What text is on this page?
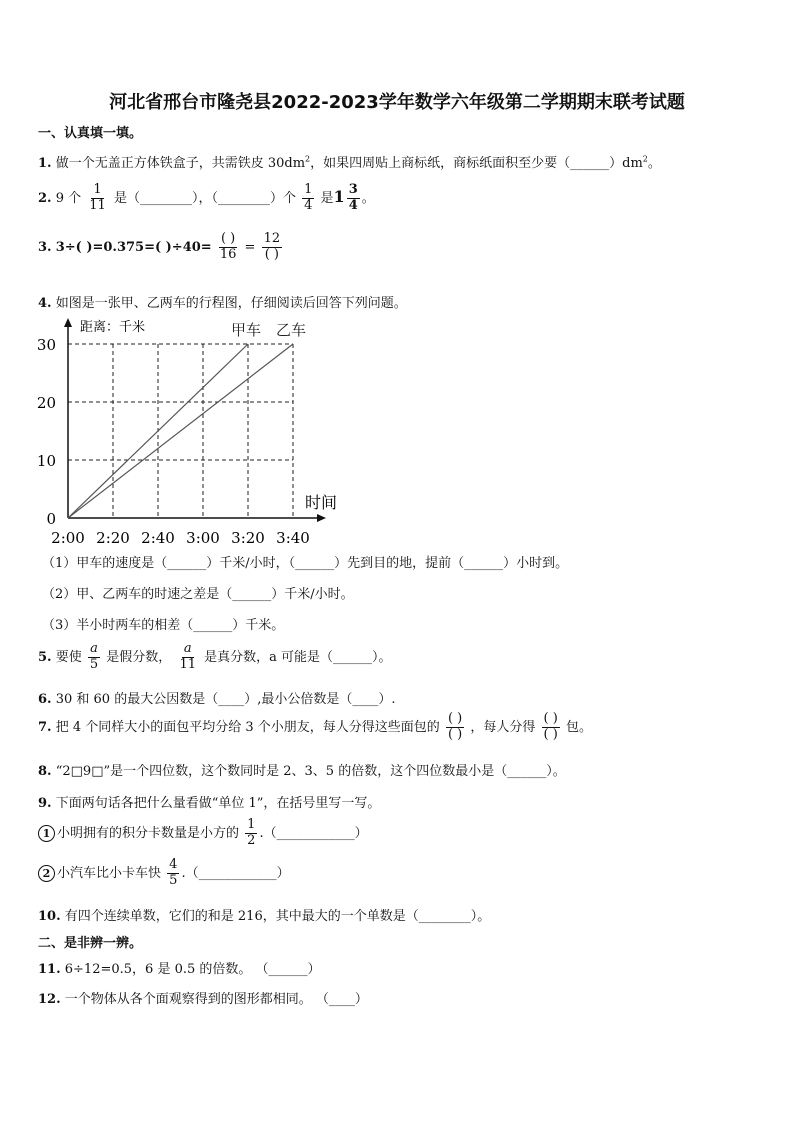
河北省邢台市隆尧县2022-2023学年数学六年级第二学期期末联考试题
一、认真填一填。
1. 做一个无盖正方体铁盒子，共需铁皮 $30dm^2$，如果四周贴上商标纸，商标纸面积至少要$(\_\_\_\_\_\_)dm^2$。
2. 9 个 $\frac{1}{11}$ 是（________），（________）个 $\frac{1}{4}$ 是$1 \frac{3}{4}$ 。
3. 3÷( )=0.375=( )$\div 40= \frac{( )}{16} = \frac{12}{( )}$
4. 如图是一张甲、乙两车的行程图，仔细阅读后回答下列问题。
甲车 乙车
0
10
20
30
2:00 2:20 2:40 3:00 3:20 3:40
距离：千米
时间
（1）甲车的速度是（______）千米/小时，（______）先到目的地，提前（______）小时到。
（2）甲、乙两车的时速之差是（______）千米/小时。
（3）半小时两车的相差（______）千米。
5. 要使 $\frac{a}{5}$ 是假分数， $\frac{a}{11}$ 是真分数，a 可能是（______）。
6. 30 和 60 的最大公因数是（____）,最小公倍数是（____）.
7. 把 4 个同样大小的面包平均分给 3 个小朋友，每人分得这些面包的 $\frac{( )}{( )}$ ，每人分得 $\frac{( )}{( )}$ 包。
8. “2□9□”是一个四位数，这个数同时是 2、3、5 的倍数，这个四位数最小是（______）。
9. 下面两句话各把什么量看做“单位 1”，在括号里写一写。
1 小明拥有的积分卡数量是小方的 $\frac{1}{2}$ .（____________）
2 小汽车比小卡车快 $\frac{4}{5}$ .（____________）
10. 有四个连续单数，它们的和是 216，其中最大的一个单数是（________）。
二、是非辨一辨。
11. 6÷12=0.5，6 是 0.5 的倍数。 （______）
12. 一个物体从各个面观察得到的图形都相同。 （____）
